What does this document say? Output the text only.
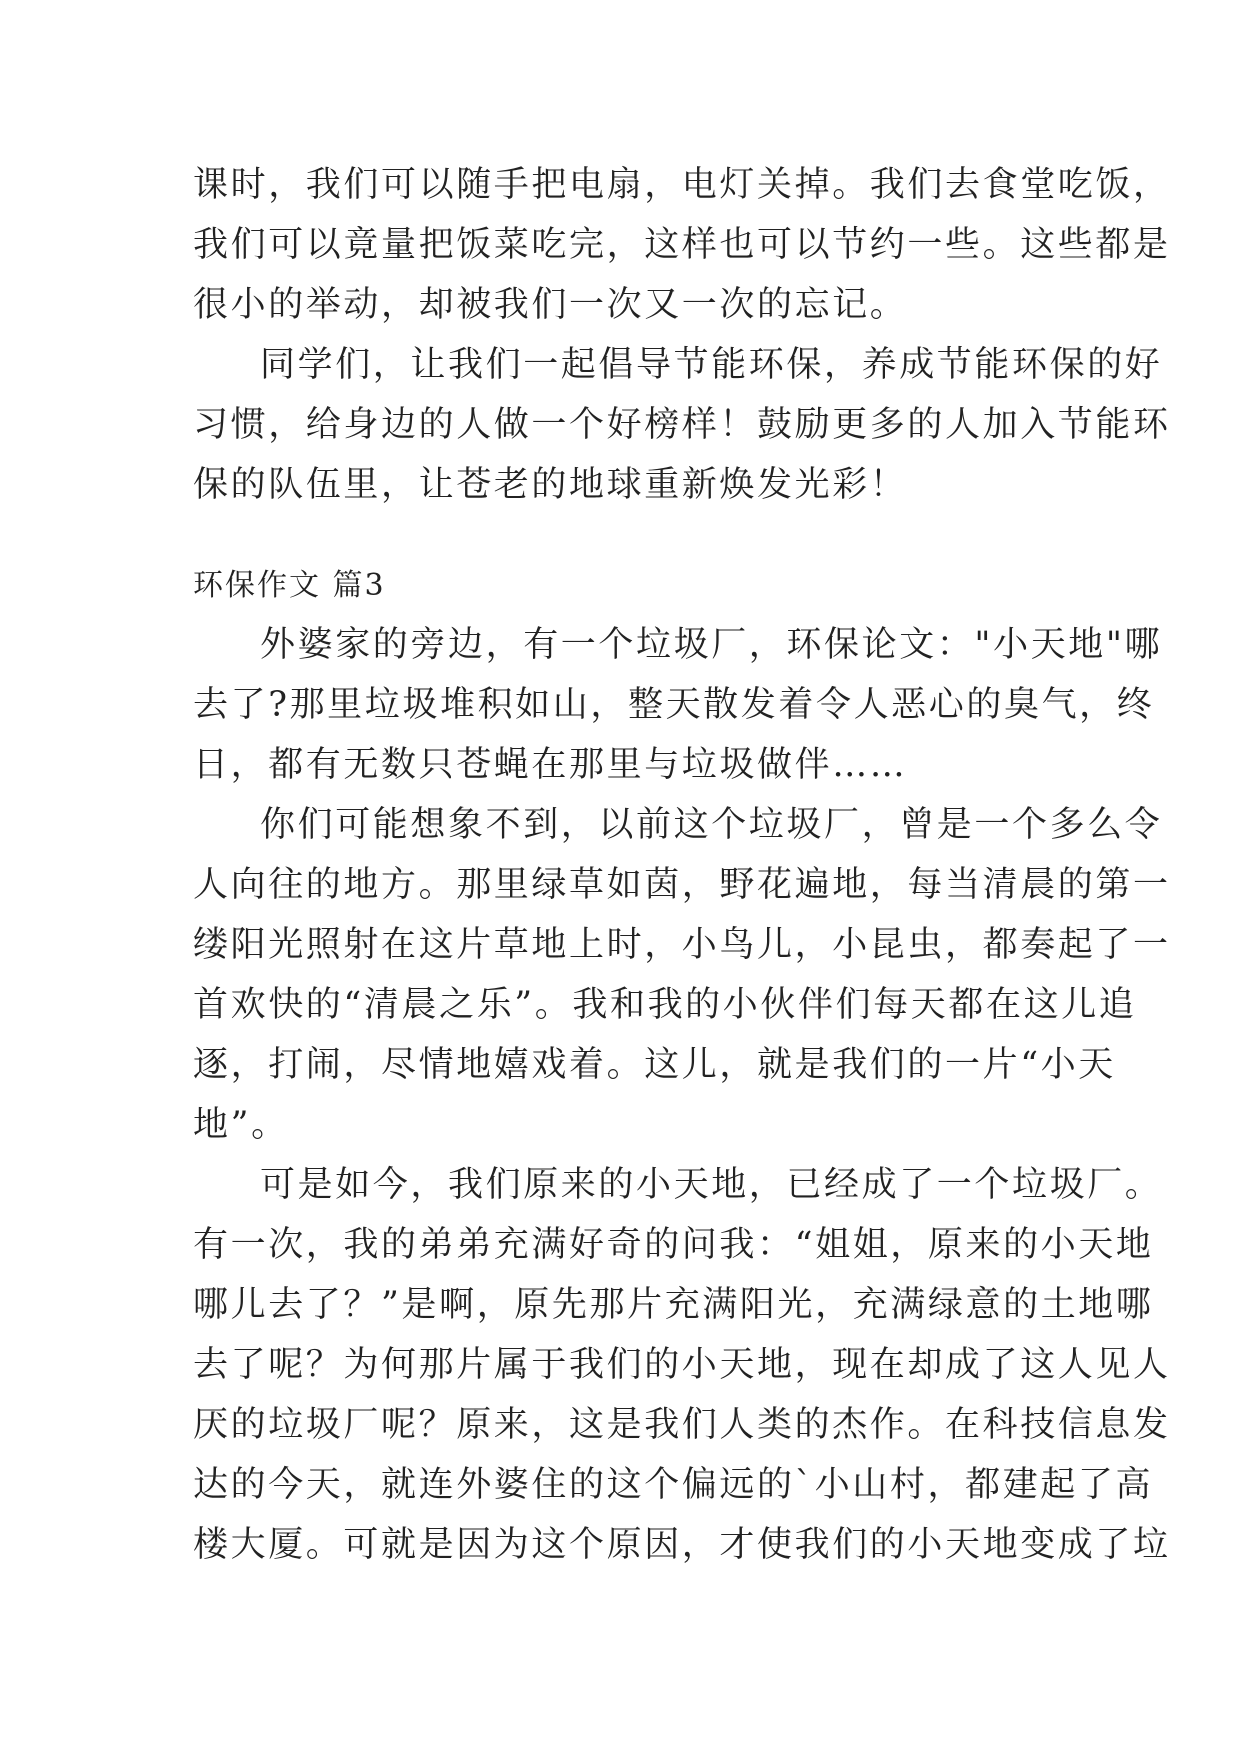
课时，我们可以随手把电扇，电灯关掉。我们去食堂吃饭，
我们可以竟量把饭菜吃完，这样也可以节约一些。这些都是
很小的举动，却被我们一次又一次的忘记。
同学们，让我们一起倡导节能环保，养成节能环保的好
习惯，给身边的人做一个好榜样！鼓励更多的人加入节能环
保的队伍里，让苍老的地球重新焕发光彩！
环保作文 篇3
外婆家的旁边，有一个垃圾厂，环保论文："小天地"哪
去了?那里垃圾堆积如山，整天散发着令人恶心的臭气，终
日，都有无数只苍蝇在那里与垃圾做伴……
你们可能想象不到，以前这个垃圾厂，曾是一个多么令
人向往的地方。那里绿草如茵，野花遍地，每当清晨的第一
缕阳光照射在这片草地上时，小鸟儿，小昆虫，都奏起了一
首欢快的“清晨之乐”。我和我的小伙伴们每天都在这儿追
逐，打闹，尽情地嬉戏着。这儿，就是我们的一片“小天
地”。
可是如今，我们原来的小天地，已经成了一个垃圾厂。
有一次，我的弟弟充满好奇的问我：“姐姐，原来的小天地
哪儿去了？”是啊，原先那片充满阳光，充满绿意的土地哪
去了呢？为何那片属于我们的小天地，现在却成了这人见人
厌的垃圾厂呢？原来，这是我们人类的杰作。在科技信息发
达的今天，就连外婆住的这个偏远的`小山村，都建起了高
楼大厦。可就是因为这个原因，才使我们的小天地变成了垃
